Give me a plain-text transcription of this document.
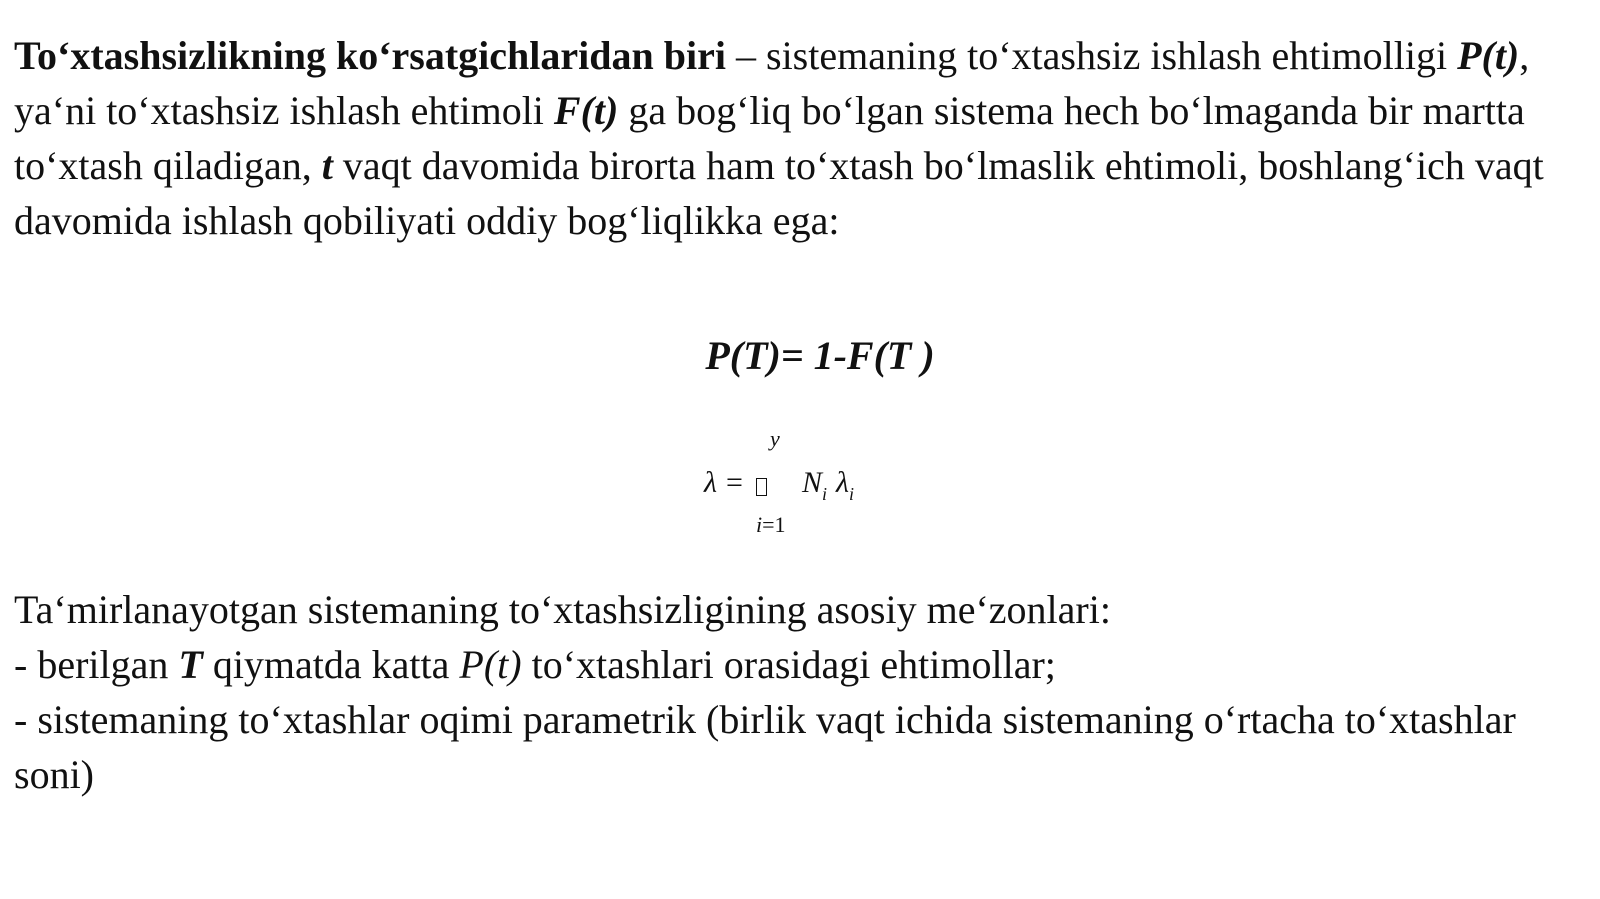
To‘xtashsizlikning ko‘rsatgichlaridan biri – sistemaning to‘xtashsiz ishlash ehtimolligi P(t), ya‘ni to‘xtashsiz ishlash ehtimoli F(t) ga bog‘liq bo‘lgan sistema hech bo‘lmaganda bir martta to‘xtash qiladigan, t vaqt davomida birorta ham to‘xtash bo‘lmaslik ehtimoli, boshlang‘ich vaqt davomida ishlash qobiliyati oddiy bog‘liqlikka ega:

P(T)= 1-F(T )
y
$\lambda = N_i$ $\lambda_i$
i=1

Ta‘mirlanayotgan sistemaning to‘xtashsizligining asosiy me‘zonlari:

- berilgan T qiymatda katta P(t) to‘xtashlari orasidagi ehtimollar;

- sistemaning to‘xtashlar oqimi parametrik (birlik vaqt ichida sistemaning o‘rtacha to‘xtashlar soni)
